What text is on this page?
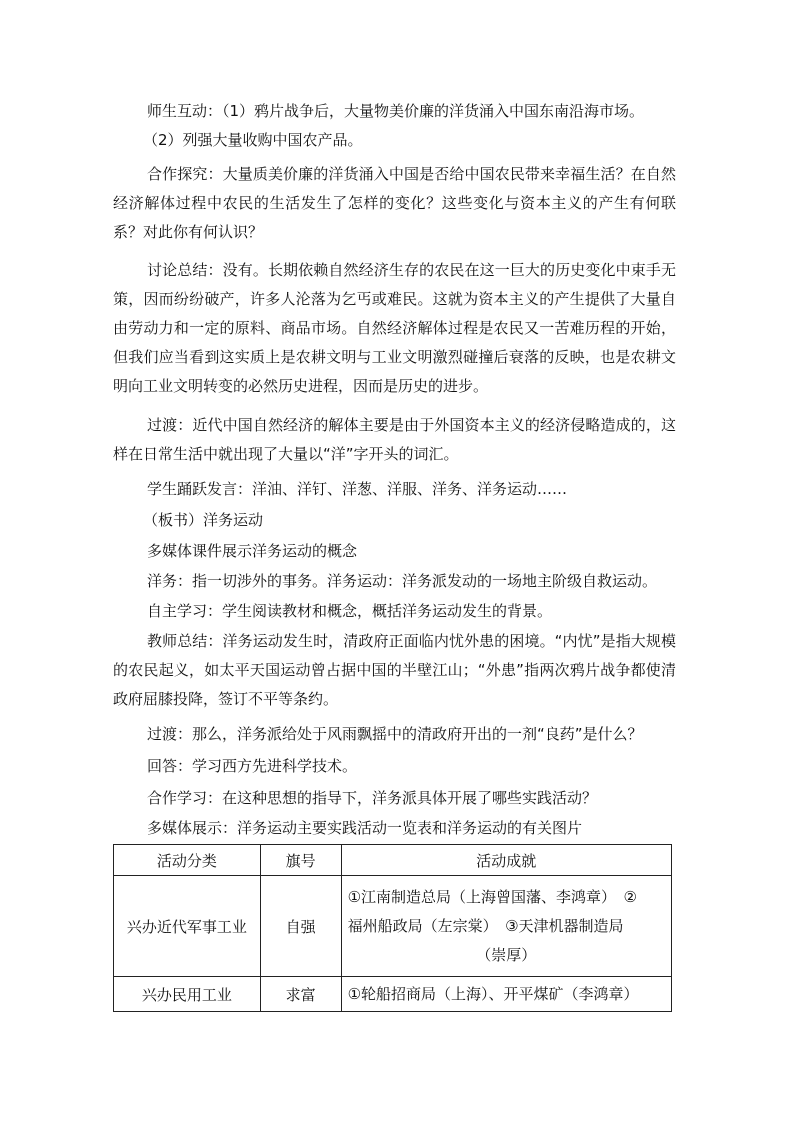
师生互动：（1）鸦片战争后，大量物美价廉的洋货涌入中国东南沿海市场。

（2）列强大量收购中国农产品。

合作探究：大量质美价廉的洋货涌入中国是否给中国农民带来幸福生活？在自然经济解体过程中农民的生活发生了怎样的变化？这些变化与资本主义的产生有何联系？对此你有何认识？

讨论总结：没有。长期依赖自然经济生存的农民在这一巨大的历史变化中束手无策，因而纷纷破产，许多人沦落为乞丐或难民。这就为资本主义的产生提供了大量自由劳动力和一定的原料、商品市场。自然经济解体过程是农民又一苦难历程的开始，但我们应当看到这实质上是农耕文明与工业文明激烈碰撞后衰落的反映，也是农耕文明向工业文明转变的必然历史进程，因而是历史的进步。

过渡：近代中国自然经济的解体主要是由于外国资本主义的经济侵略造成的，这样在日常生活中就出现了大量以“洋”字开头的词汇。

学生踊跃发言：洋油、洋钉、洋葱、洋服、洋务、洋务运动……

（板书）洋务运动

多媒体课件展示洋务运动的概念

洋务：指一切涉外的事务。洋务运动：洋务派发动的一场地主阶级自救运动。

自主学习：学生阅读教材和概念，概括洋务运动发生的背景。

教师总结：洋务运动发生时，清政府正面临内忧外患的困境。“内忧”是指大规模的农民起义，如太平天国运动曾占据中国的半壁江山；“外患”指两次鸦片战争都使清政府屈膝投降，签订不平等条约。

过渡：那么，洋务派给处于风雨飘摇中的清政府开出的一剂“良药”是什么？

回答：学习西方先进科学技术。

合作学习：在这种思想的指导下，洋务派具体开展了哪些实践活动？

多媒体展示：洋务运动主要实践活动一览表和洋务运动的有关图片

活动分类	旗号	活动成就
兴办近代军事工业	自强	①江南制造总局（上海曾国藩、李鸿章）　②
福州船政局（左宗棠）　③天津机器制造局
（崇厚）

兴办民用工业	求富	①轮船招商局（上海）、开平煤矿（李鸿章）
